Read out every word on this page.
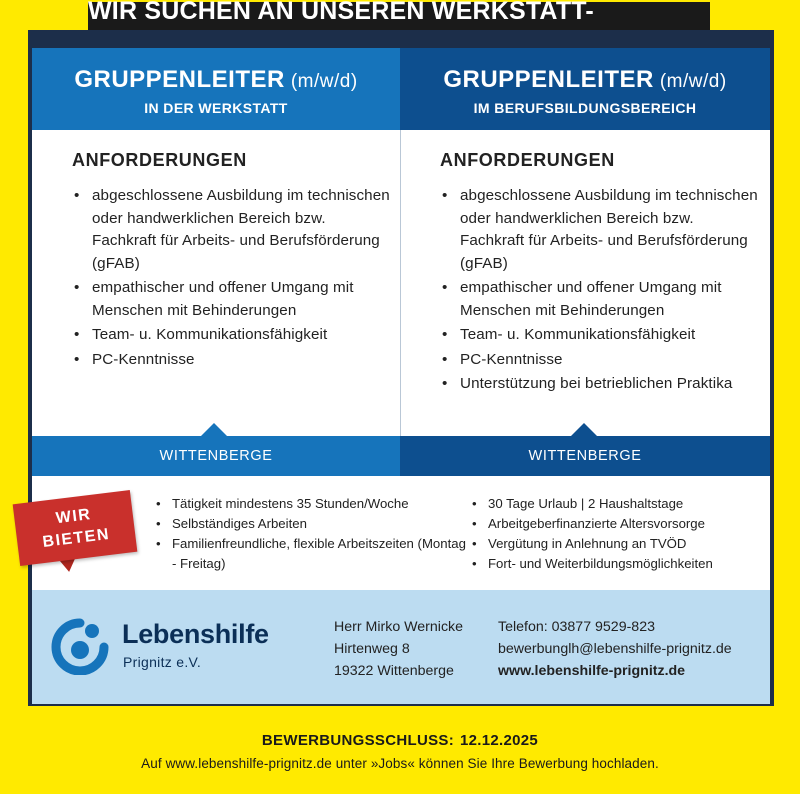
WIR SUCHEN AN UNSEREN WERKSTATT-
GRUPPENLEITER (m/w/d)
IN DER WERKSTATT
GRUPPENLEITER (m/w/d)
IM BERUFSBILDUNGSBEREICH
ANFORDERUNGEN
• abgeschlossene Ausbildung im technischen oder handwerklichen Bereich bzw. Fachkraft für Arbeits- und Berufsförderung (gFAB)
• empathischer und offener Umgang mit Menschen mit Behinderungen
• Team- u. Kommunikationsfähigkeit
• PC-Kenntnisse
ANFORDERUNGEN
• abgeschlossene Ausbildung im technischen oder handwerklichen Bereich bzw. Fachkraft für Arbeits- und Berufsförderung (gFAB)
• empathischer und offener Umgang mit Menschen mit Behinderungen
• Team- u. Kommunikationsfähigkeit
• PC-Kenntnisse
• Unterstützung bei betrieblichen Praktika
WITTENBERGE	WITTENBERGE
WIR
BIETEN
• Tätigkeit mindestens 35 Stunden/Woche
• Selbständiges Arbeiten
• Familienfreundliche, flexible Arbeitszeiten (Montag - Freitag)
• 30 Tage Urlaub | 2 Haushaltstage
• Arbeitgeberfinanzierte Altersvorsorge
• Vergütung in Anlehnung an TVÖD
• Fort- und Weiterbildungsmöglichkeiten
Lebenshilfe
Prignitz e.V.
Herr Mirko Wernicke
Hirtenweg 8
19322 Wittenberge
Telefon: 03877 9529-823
bewerbunglh@lebenshilfe-prignitz.de
www.lebenshilfe-prignitz.de
BEWERBUNGSSCHLUSS: 12.12.2025
Auf www.lebenshilfe-prignitz.de unter »Jobs« können Sie Ihre Bewerbung hochladen.
